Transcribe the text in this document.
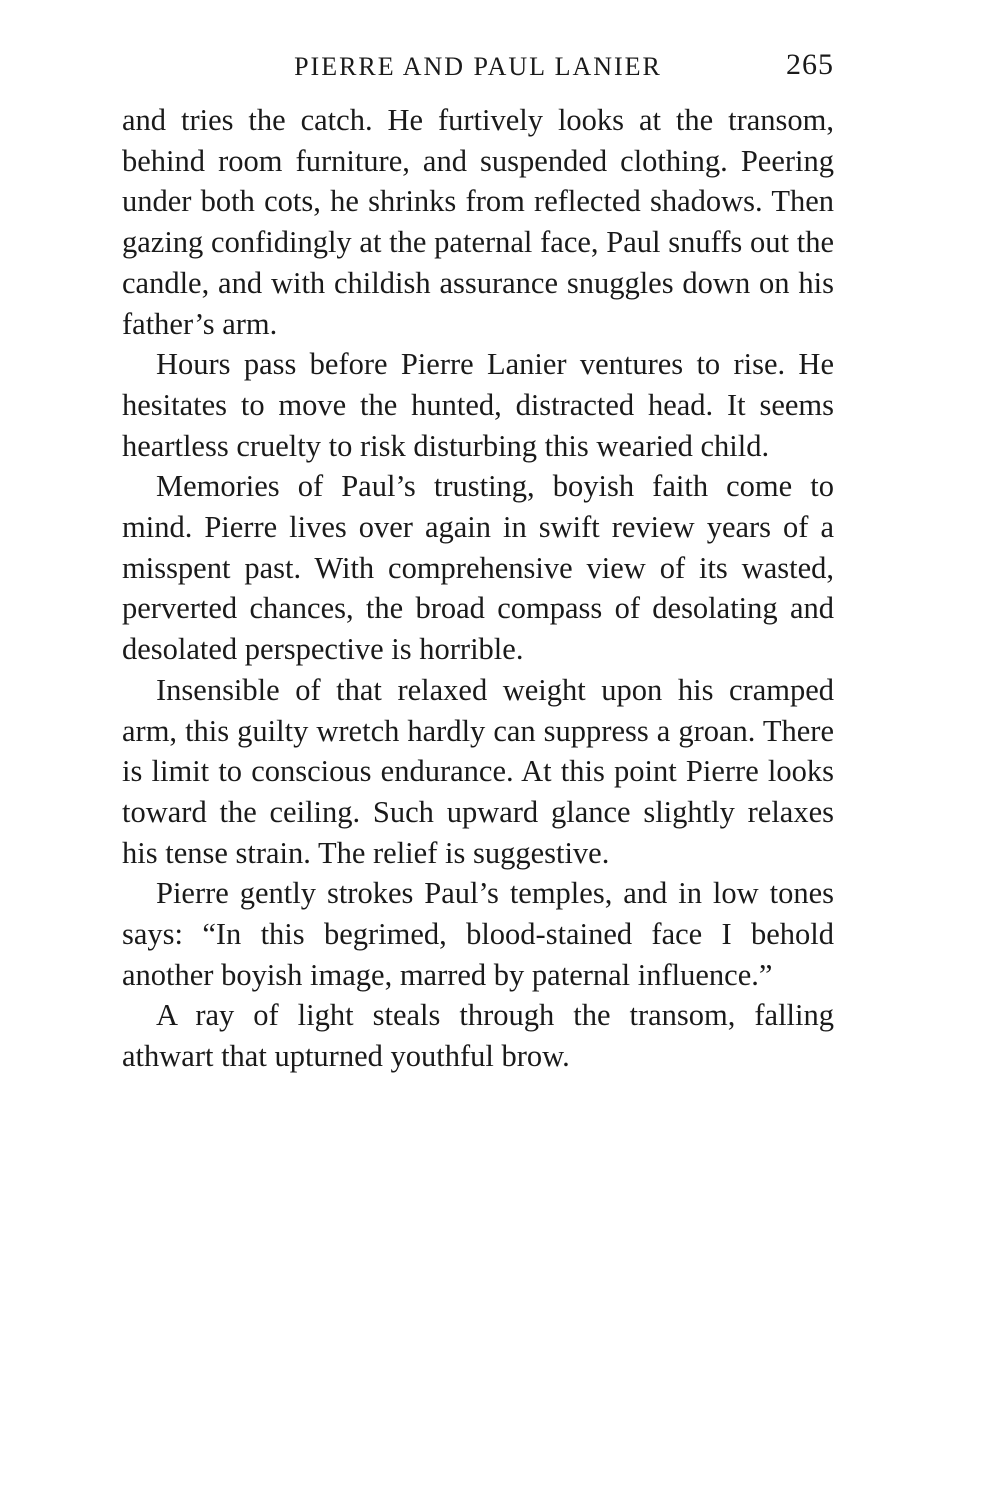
PIERRE AND PAUL LANIER	265

and tries the catch. He furtively looks at the transom, behind room furniture, and suspended clothing. Peering under both cots, he shrinks from reflected shadows. Then gazing confidingly at the paternal face, Paul snuffs out the candle, and with childish assurance snuggles down on his father’s arm.

Hours pass before Pierre Lanier ventures to rise. He hesitates to move the hunted, distracted head. It seems heartless cruelty to risk disturbing this wearied child.

Memories of Paul’s trusting, boyish faith come to mind. Pierre lives over again in swift review years of a misspent past. With comprehensive view of its wasted, perverted chances, the broad compass of desolating and desolated perspective is horrible.

Insensible of that relaxed weight upon his cramped arm, this guilty wretch hardly can suppress a groan. There is limit to conscious endurance. At this point Pierre looks toward the ceiling. Such upward glance slightly relaxes his tense strain. The relief is suggestive.

Pierre gently strokes Paul’s temples, and in low tones says: “In this begrimed, blood-stained face I behold another boyish image, marred by paternal influence.”

A ray of light steals through the transom, falling athwart that upturned youthful brow.
